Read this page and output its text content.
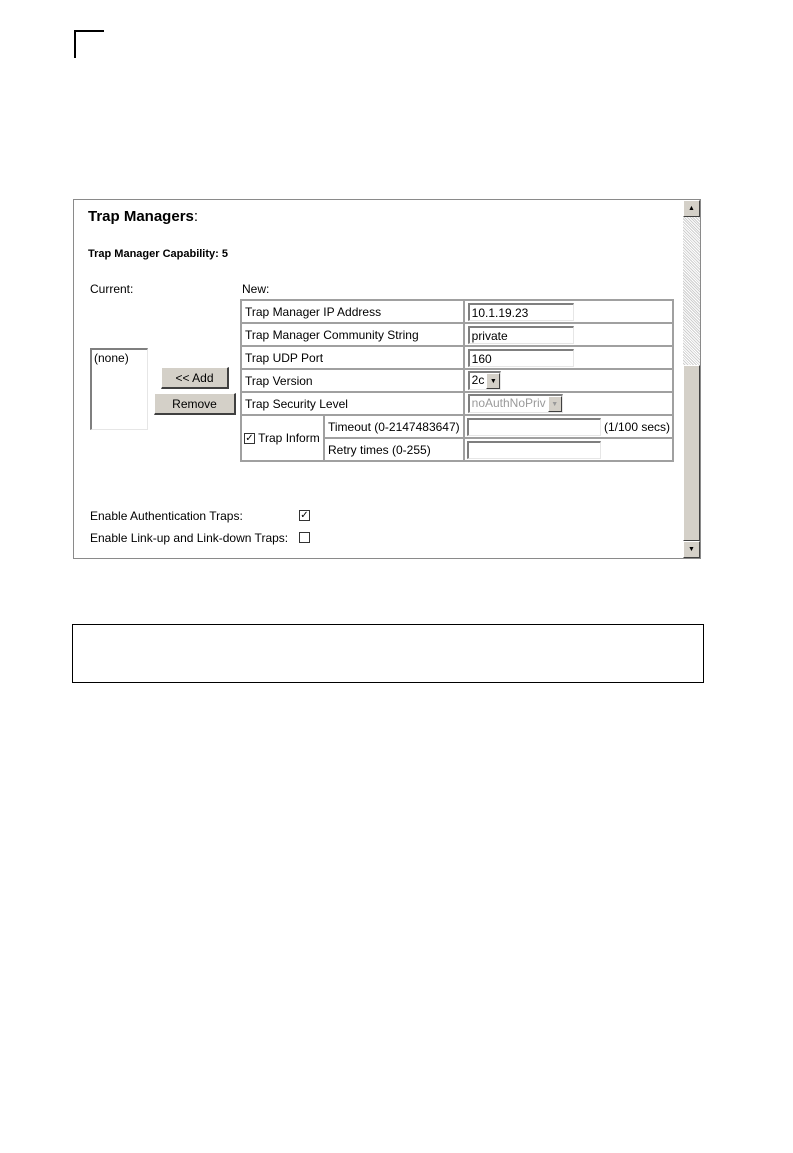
Trap Managers:
Trap Manager Capability: 5
Current:	New:
(none)
<< Add
Remove
Trap Manager IP Address		10.1.19.23

Trap Manager Community String		private

Trap UDP Port		160

Trap Version		2c ▼

Trap Security Level		noAuthNoPriv ▼

✓ Trap Inform	Timeout (0-2147483647)	(1/100 secs)
	Retry times (0-255)	
Enable Authentication Traps:	✓
Enable Link-up and Link-down Traps:
▲
▼
